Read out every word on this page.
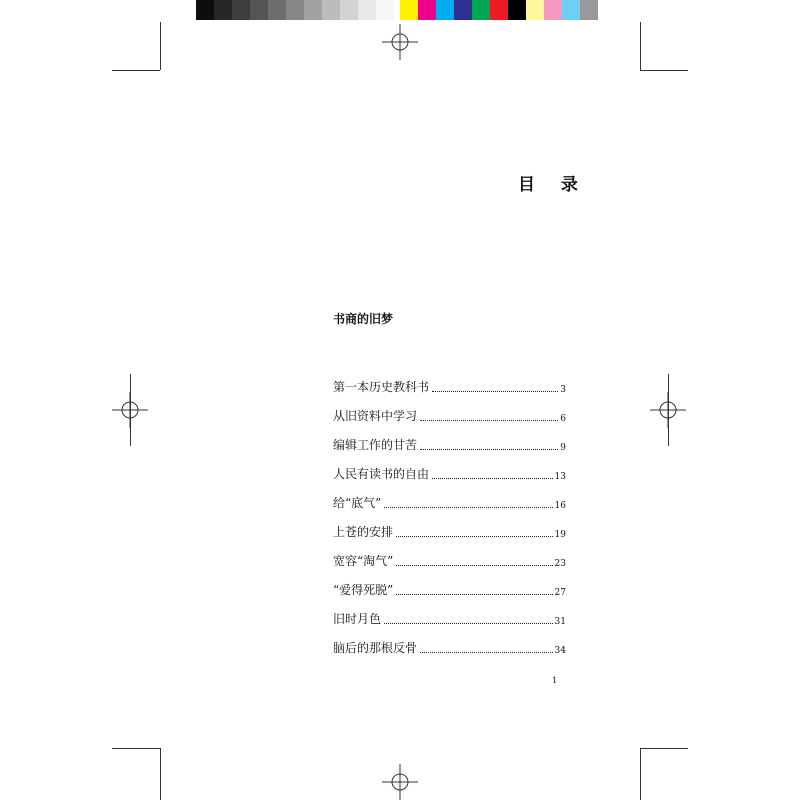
目 录
书商的旧梦
第一本历史教科书	3
从旧资料中学习	6
编辑工作的甘苦	9
人民有读书的自由	13
给“底气”	16
上苍的安排	19
宽容“淘气”	23
“爱得死脱”	27
旧时月色	31
脑后的那根反骨	34
1
